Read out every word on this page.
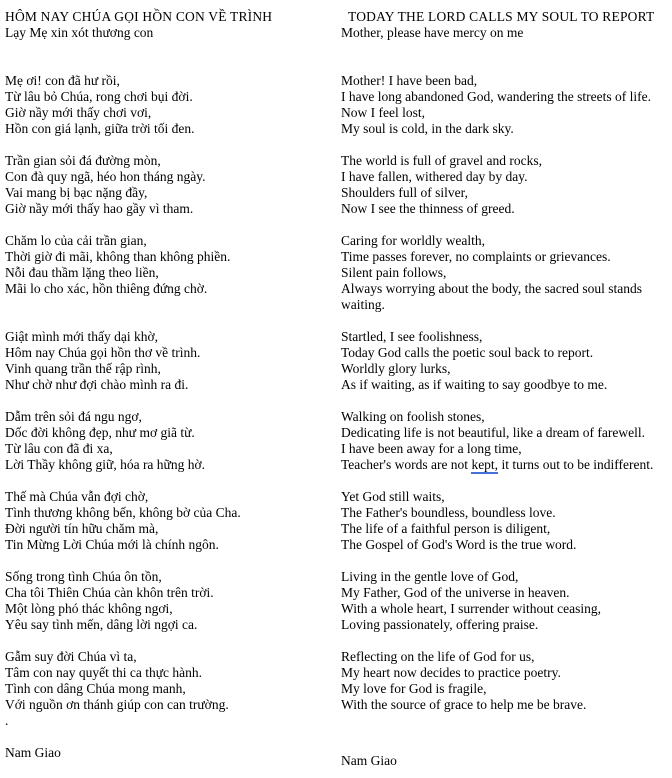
HÔM NAY CHÚA GỌI HỒN CON VỀ TRÌNH
Lạy Mẹ xin xót thương con
Mẹ ơi! con đã hư rồi,
Từ lâu bỏ Chúa, rong chơi bụi đời.
Giờ nầy mới thấy chơi vơi,
Hồn con giá lạnh, giữa trời tối đen.
Trần gian sỏi đá đường mòn,
Con đà quy ngã, héo hon tháng ngày.
Vai mang bị bạc nặng đầy,
Giờ nầy mới thấy hao gầy vì tham.
Chăm lo của cải trần gian,
Thời giờ đi mãi, không than không phiền.
Nỗi đau thầm lặng theo liền,
Mãi lo cho xác, hồn thiêng đứng chờ.
Giật mình mới thấy dại khờ,
Hôm nay Chúa gọi hồn thơ về trình.
Vinh quang trần thế rập rình,
Như chờ như đợi chào mình ra đi.
Dẫm trên sỏi đá ngu ngơ,
Dốc đời không đẹp, như mơ giã từ.
Từ lâu con đã đi xa,
Lời Thầy không giữ, hóa ra hững hờ.
Thế mà Chúa vẫn đợi chờ,
Tình thương không bến, không bờ của Cha.
Đời người tín hữu chăm mà,
Tin Mừng Lời Chúa mới là chính ngôn.
Sống trong tình Chúa ôn tồn,
Cha tôi Thiên Chúa càn khôn trên trời.
Một lòng phó thác không ngơi,
Yêu say tình mến, dâng lời ngợi ca.
Gẫm suy đời Chúa vì ta,
Tâm con nay quyết thi ca thực hành.
Tình con dâng Chúa mong manh,
Với nguồn ơn thánh giúp con can trường.
.
Nam Giao
TODAY THE LORD CALLS MY SOUL TO REPORT
Mother, please have mercy on me
Mother! I have been bad,
I have long abandoned God, wandering the streets of life.
Now I feel lost,
My soul is cold, in the dark sky.
The world is full of gravel and rocks,
I have fallen, withered day by day.
Shoulders full of silver,
Now I see the thinness of greed.
Caring for worldly wealth,
Time passes forever, no complaints or grievances.
Silent pain follows,
Always worrying about the body, the sacred soul stands
waiting.
Startled, I see foolishness,
Today God calls the poetic soul back to report.
Worldly glory lurks,
As if waiting, as if waiting to say goodbye to me.
Walking on foolish stones,
Dedicating life is not beautiful, like a dream of farewell.
I have been away for a long time,
Teacher's words are not kept, it turns out to be indifferent.
Yet God still waits,
The Father's boundless, boundless love.
The life of a faithful person is diligent,
The Gospel of God's Word is the true word.
Living in the gentle love of God,
My Father, God of the universe in heaven.
With a whole heart, I surrender without ceasing,
Loving passionately, offering praise.
Reflecting on the life of God for us,
My heart now decides to practice poetry.
My love for God is fragile,
With the source of grace to help me be brave.
Nam Giao
